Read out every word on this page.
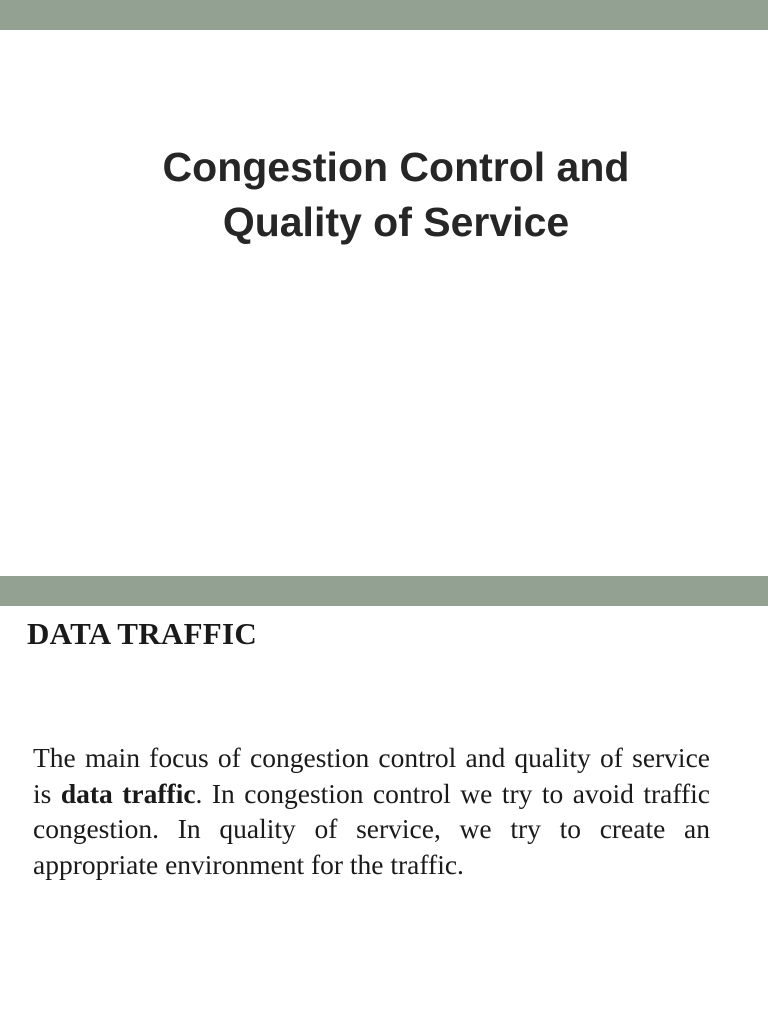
Congestion Control and
Quality of Service
DATA TRAFFIC
The main focus of congestion control and quality of service is data traffic. In congestion control we try to avoid traffic congestion. In quality of service, we try to create an appropriate environment for the traffic.
